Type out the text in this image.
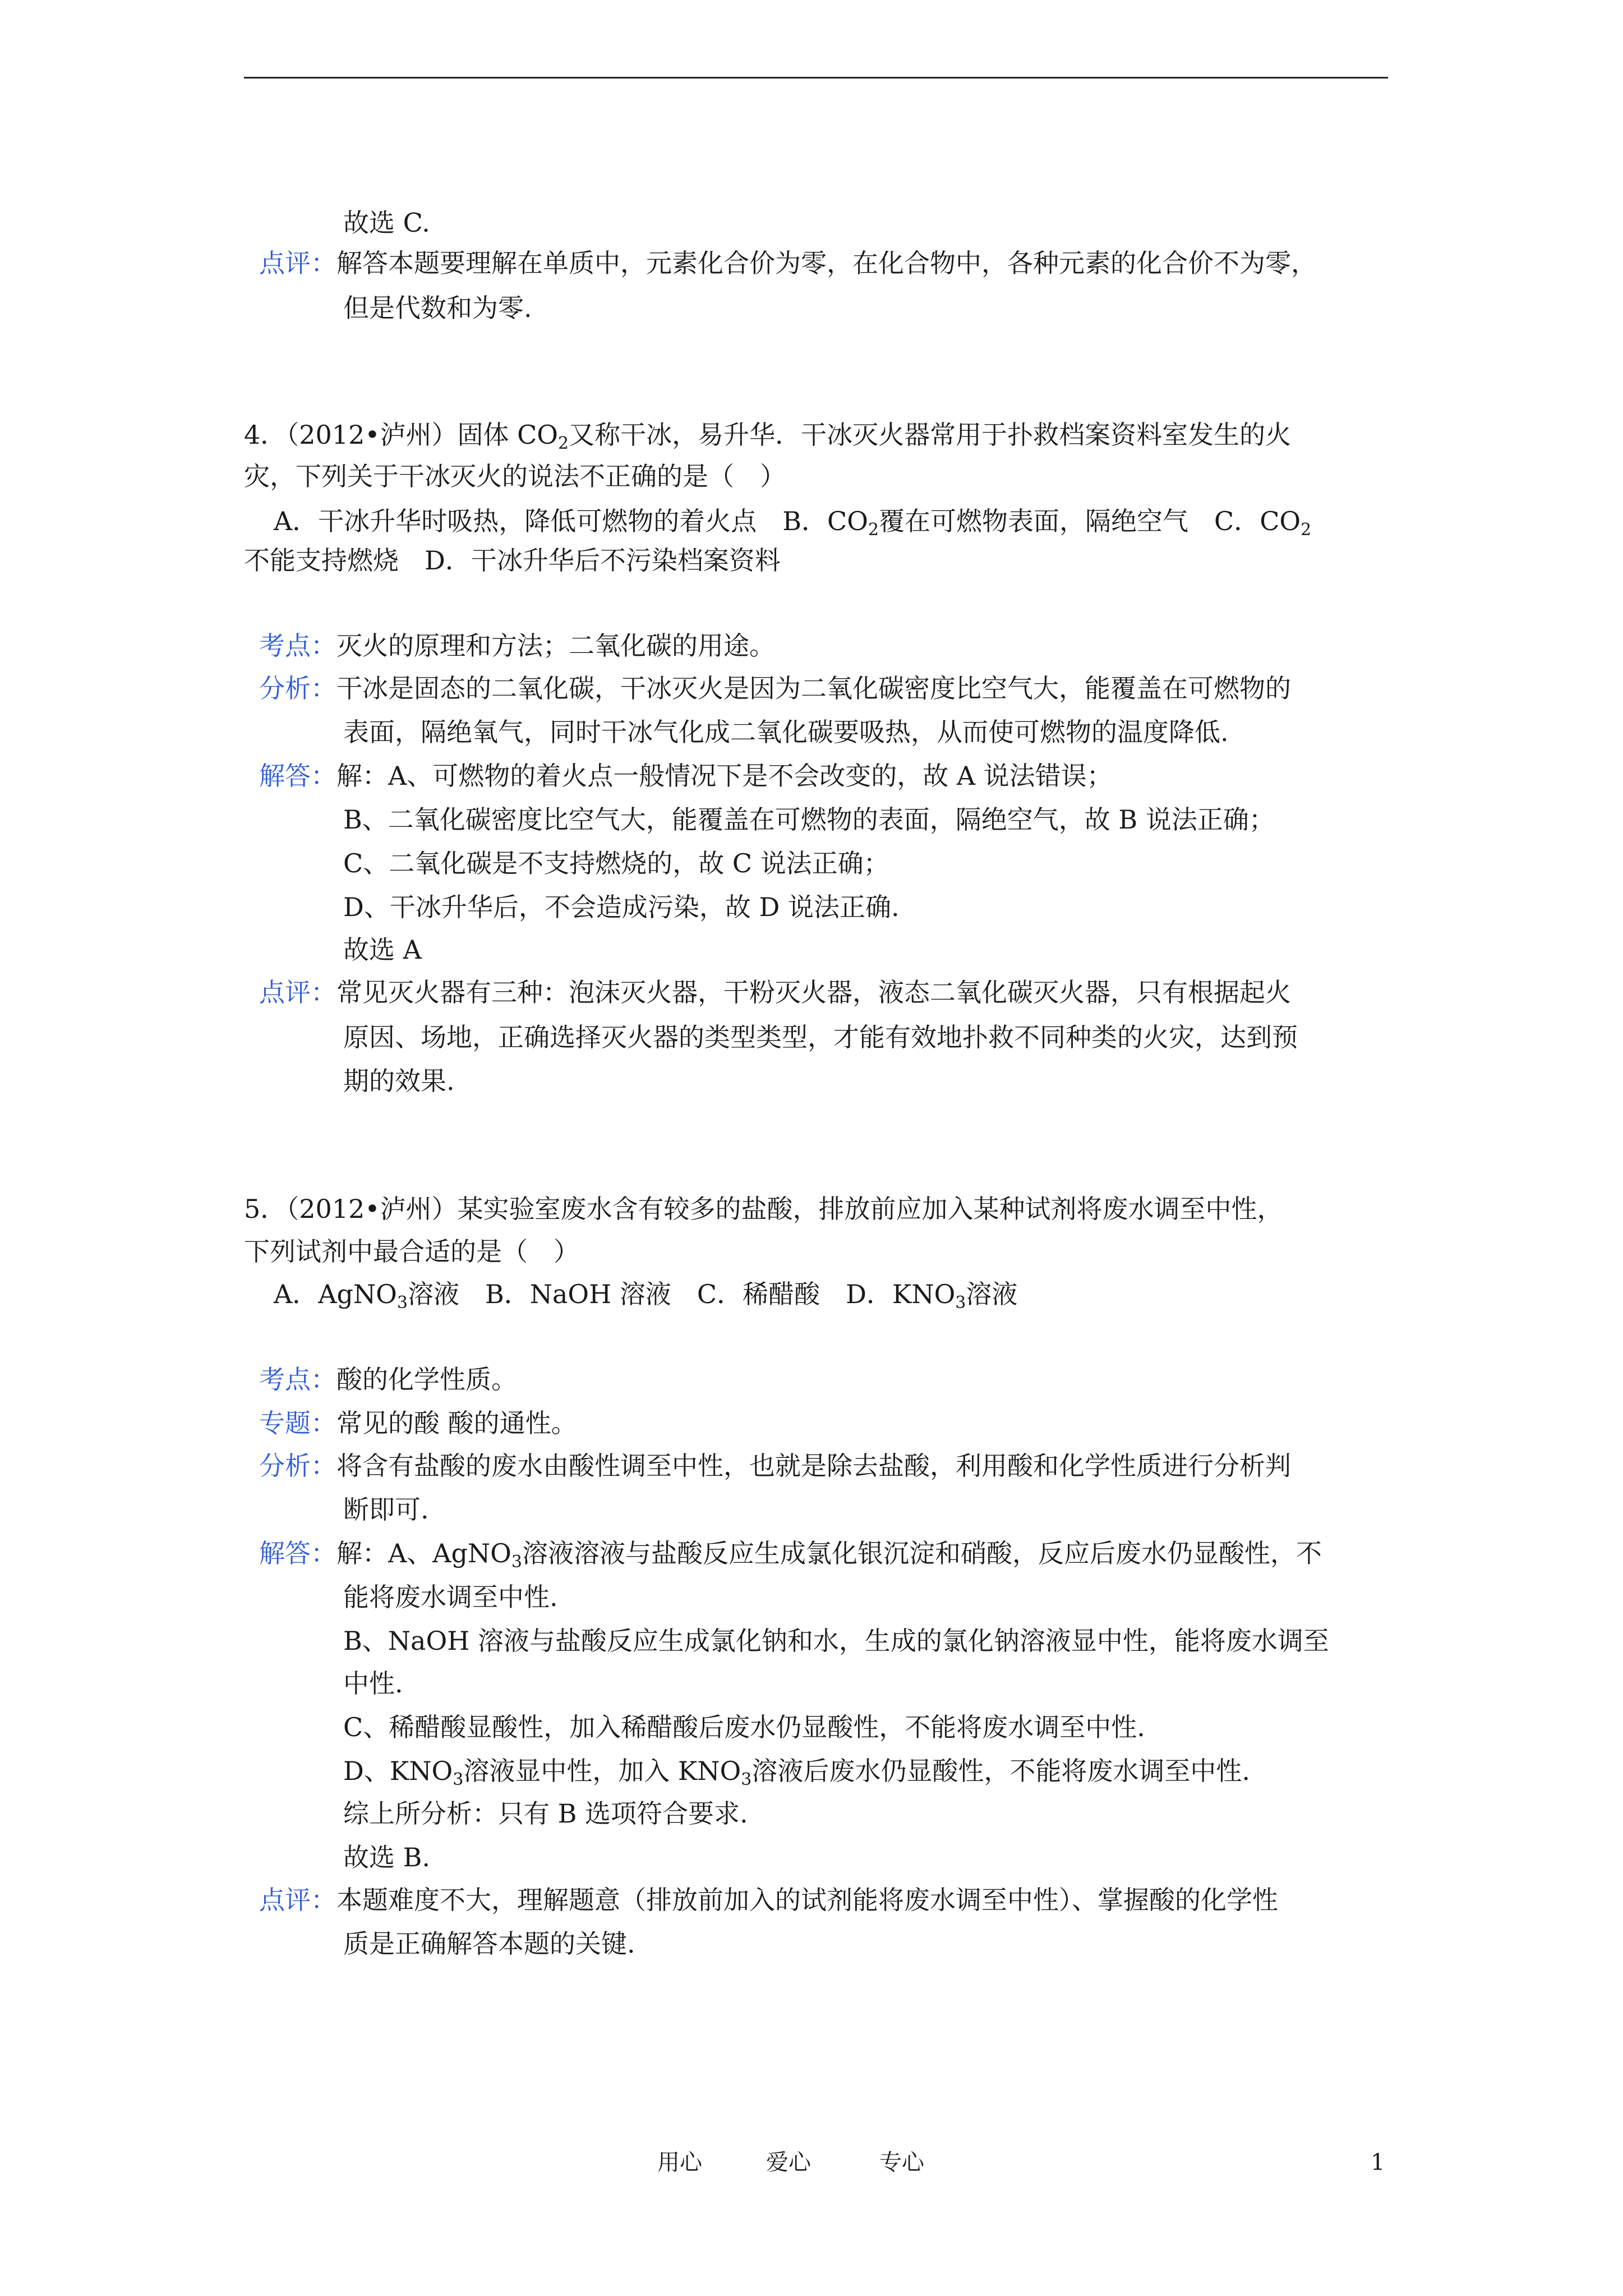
故选 C.
点评：解答本题要理解在单质中，元素化合价为零，在化合物中，各种元素的化合价不为零，
但是代数和为零.
4．（2012•泸州）固体 $CO_2$又称干冰，易升华．干冰灭火器常用于扑救档案资料室发生的火
灾，下列关于干冰灭火的说法不正确的是（　）
A．干冰升华时吸热，降低可燃物的着火点　B．$CO_2$覆在可燃物表面，隔绝空气　C．$CO_2$
不能支持燃烧　D．干冰升华后不污染档案资料
考点：灭火的原理和方法；二氧化碳的用途。
分析：干冰是固态的二氧化碳，干冰灭火是因为二氧化碳密度比空气大，能覆盖在可燃物的
表面，隔绝氧气，同时干冰气化成二氧化碳要吸热，从而使可燃物的温度降低.
解答：解：A、可燃物的着火点一般情况下是不会改变的，故 A 说法错误；
B、二氧化碳密度比空气大，能覆盖在可燃物的表面，隔绝空气，故 B 说法正确；
C、二氧化碳是不支持燃烧的，故 C 说法正确；
D、干冰升华后，不会造成污染，故 D 说法正确.
故选 A
点评：常见灭火器有三种：泡沫灭火器，干粉灭火器，液态二氧化碳灭火器，只有根据起火
原因、场地，正确选择灭火器的类型类型，才能有效地扑救不同种类的火灾，达到预
期的效果.
5．（2012•泸州）某实验室废水含有较多的盐酸，排放前应加入某种试剂将废水调至中性，
下列试剂中最合适的是（　）
A．AgNO$_3$溶液　B．NaOH 溶液　C．稀醋酸　D．$KNO_3$溶液
考点：酸的化学性质。
专题：常见的酸 酸的通性。
分析：将含有盐酸的废水由酸性调至中性，也就是除去盐酸，利用酸和化学性质进行分析判
断即可.
解答：解：A、AgNO$_3$溶液溶液与盐酸反应生成氯化银沉淀和硝酸，反应后废水仍显酸性，不
能将废水调至中性.
B、NaOH 溶液与盐酸反应生成氯化钠和水，生成的氯化钠溶液显中性，能将废水调至
中性.
C、稀醋酸显酸性，加入稀醋酸后废水仍显酸性，不能将废水调至中性.
D、$KNO_3$溶液显中性，加入 $KNO_3$溶液后废水仍显酸性，不能将废水调至中性.
综上所分析：只有 B 选项符合要求.
故选 B.
点评：本题难度不大，理解题意（排放前加入的试剂能将废水调至中性）、掌握酸的化学性
质是正确解答本题的关键.
用心	爱心	专心	1
